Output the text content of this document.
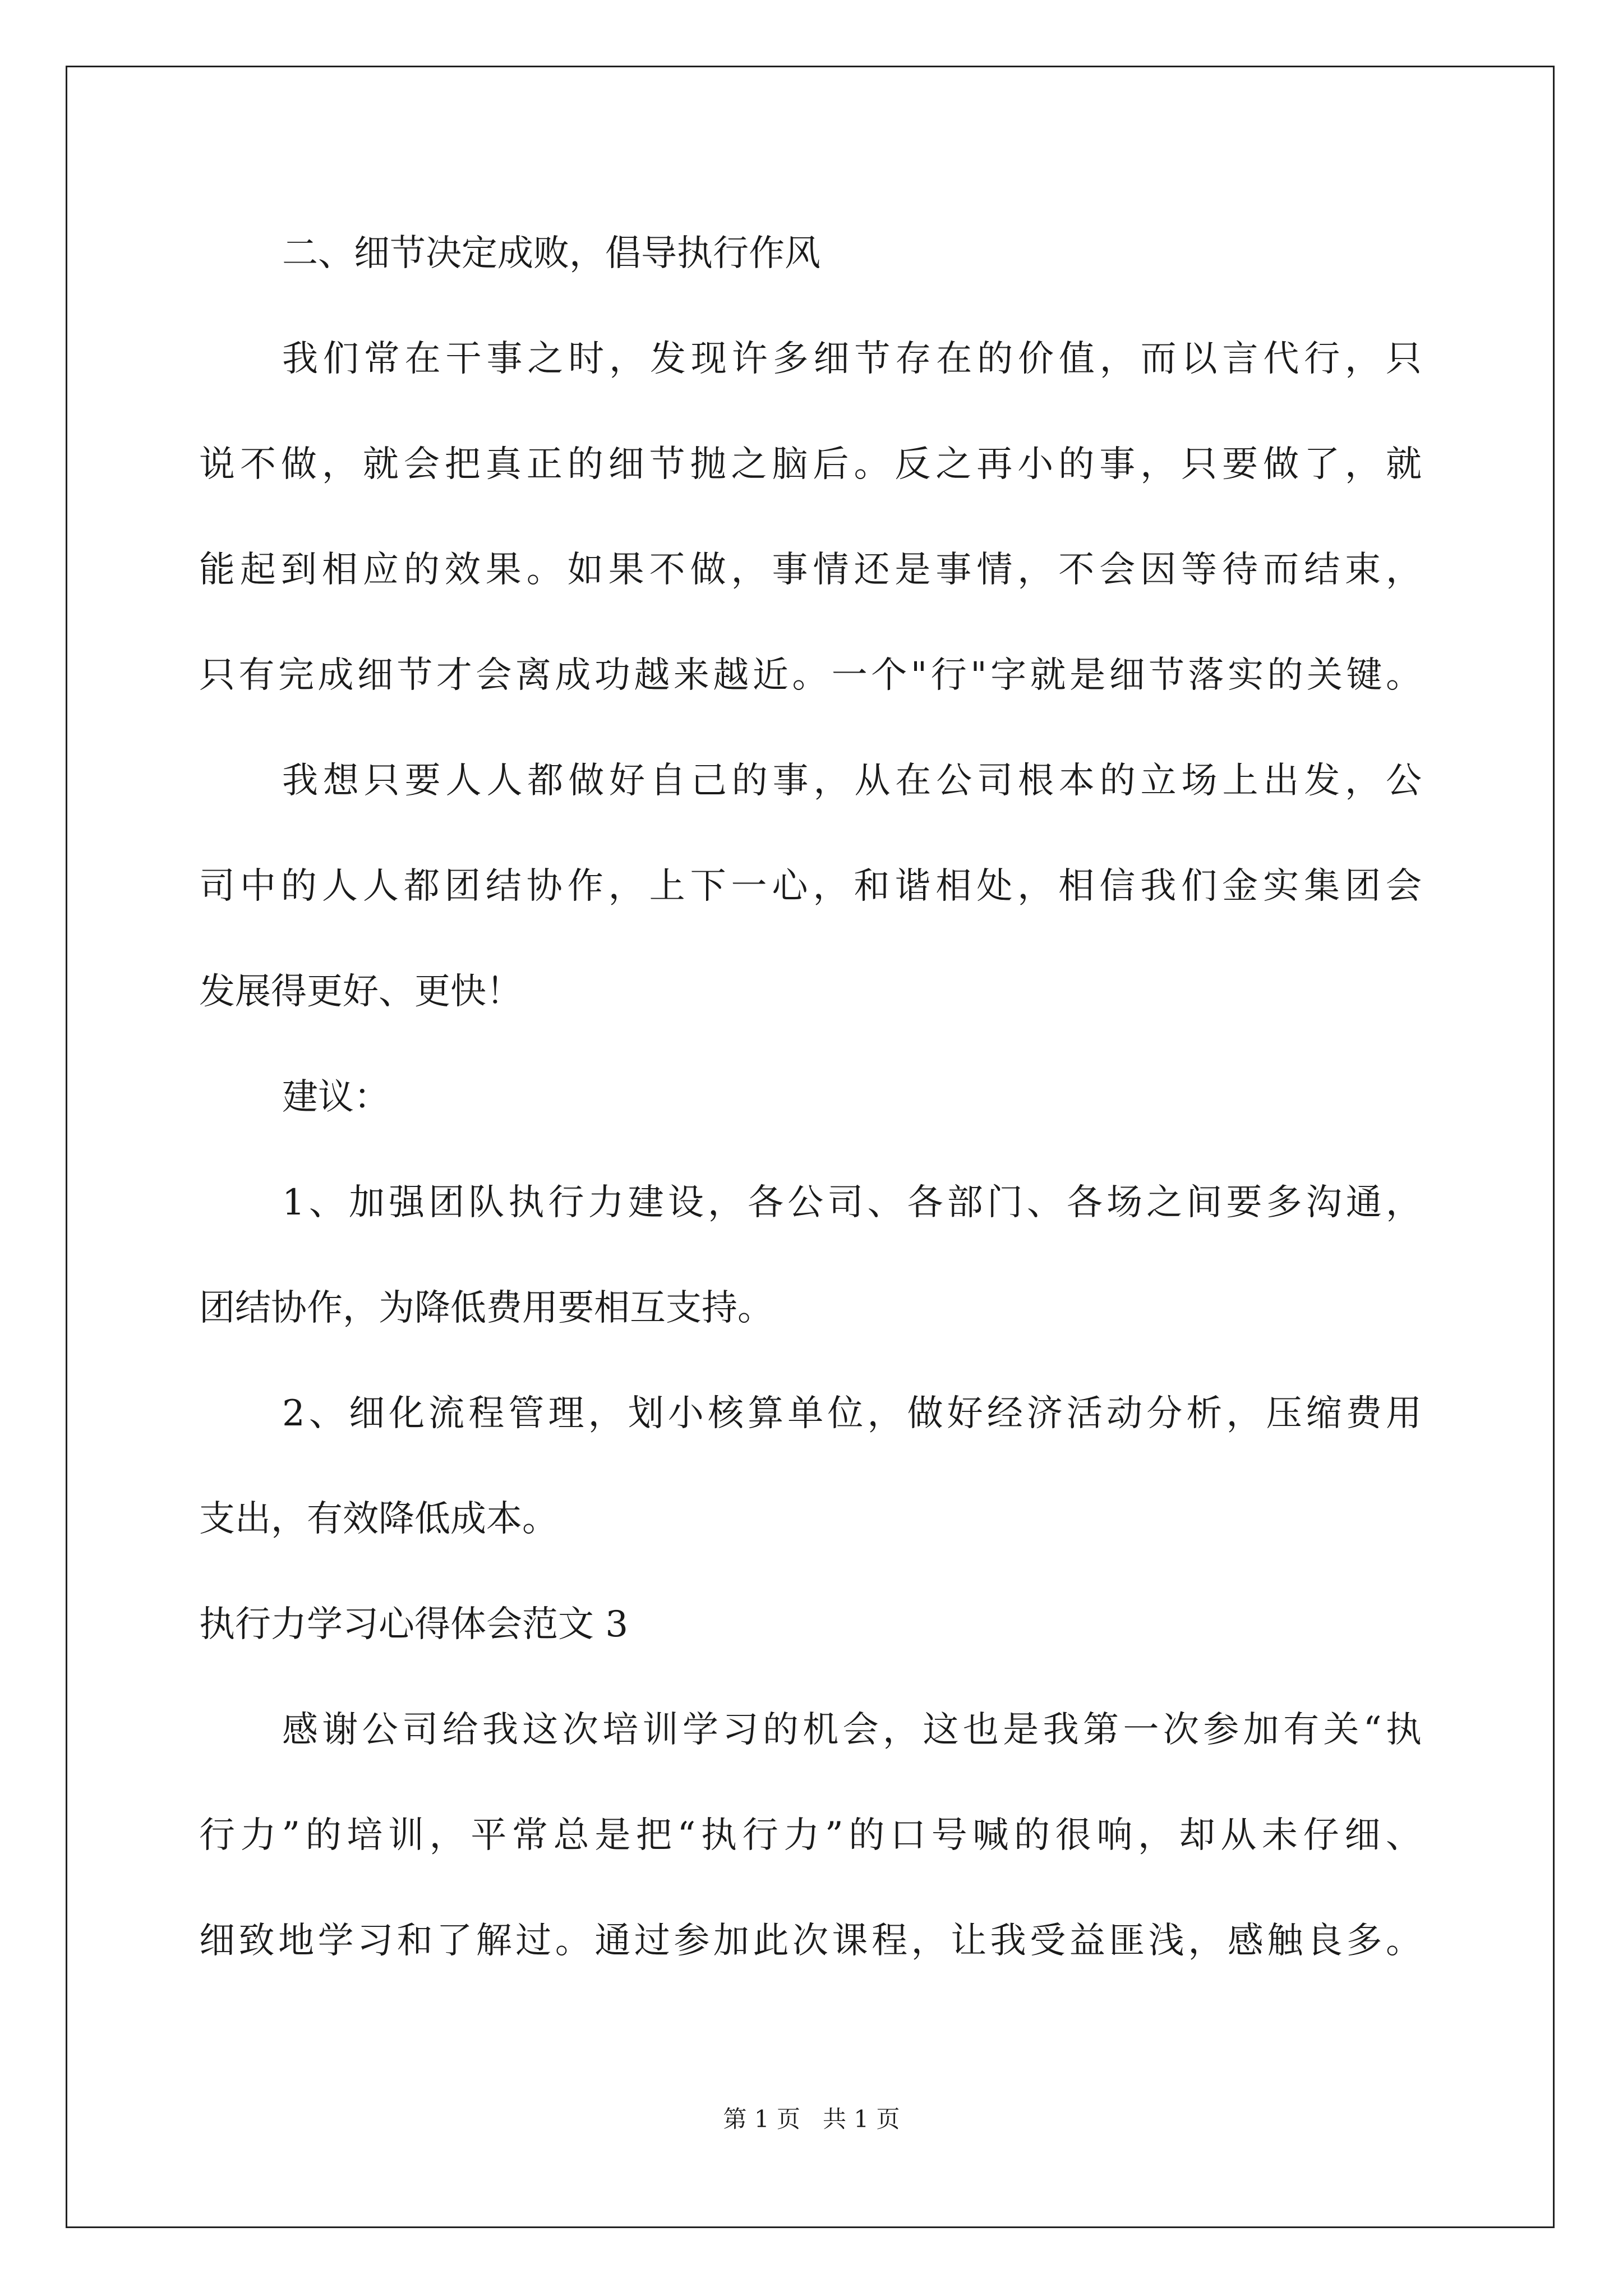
二、细节决定成败，倡导执行作风

我们常在干事之时，发现许多细节存在的价值，而以言代行，只

说不做，就会把真正的细节抛之脑后。反之再小的事，只要做了，就

能起到相应的效果。如果不做，事情还是事情，不会因等待而结束，

只有完成细节才会离成功越来越近。一个"行"字就是细节落实的关键。

我想只要人人都做好自己的事，从在公司根本的立场上出发，公

司中的人人都团结协作，上下一心，和谐相处，相信我们金实集团会

发展得更好、更快！

建议：

1、加强团队执行力建设，各公司、各部门、各场之间要多沟通，

团结协作，为降低费用要相互支持。

2、细化流程管理，划小核算单位，做好经济活动分析，压缩费用

支出，有效降低成本。

执行力学习心得体会范文 3

感谢公司给我这次培训学习的机会，这也是我第一次参加有关“执

行力”的培训，平常总是把“执行力”的口号喊的很响，却从未仔细、

细致地学习和了解过。通过参加此次课程，让我受益匪浅，感触良多。

第 1 页   共 1 页
